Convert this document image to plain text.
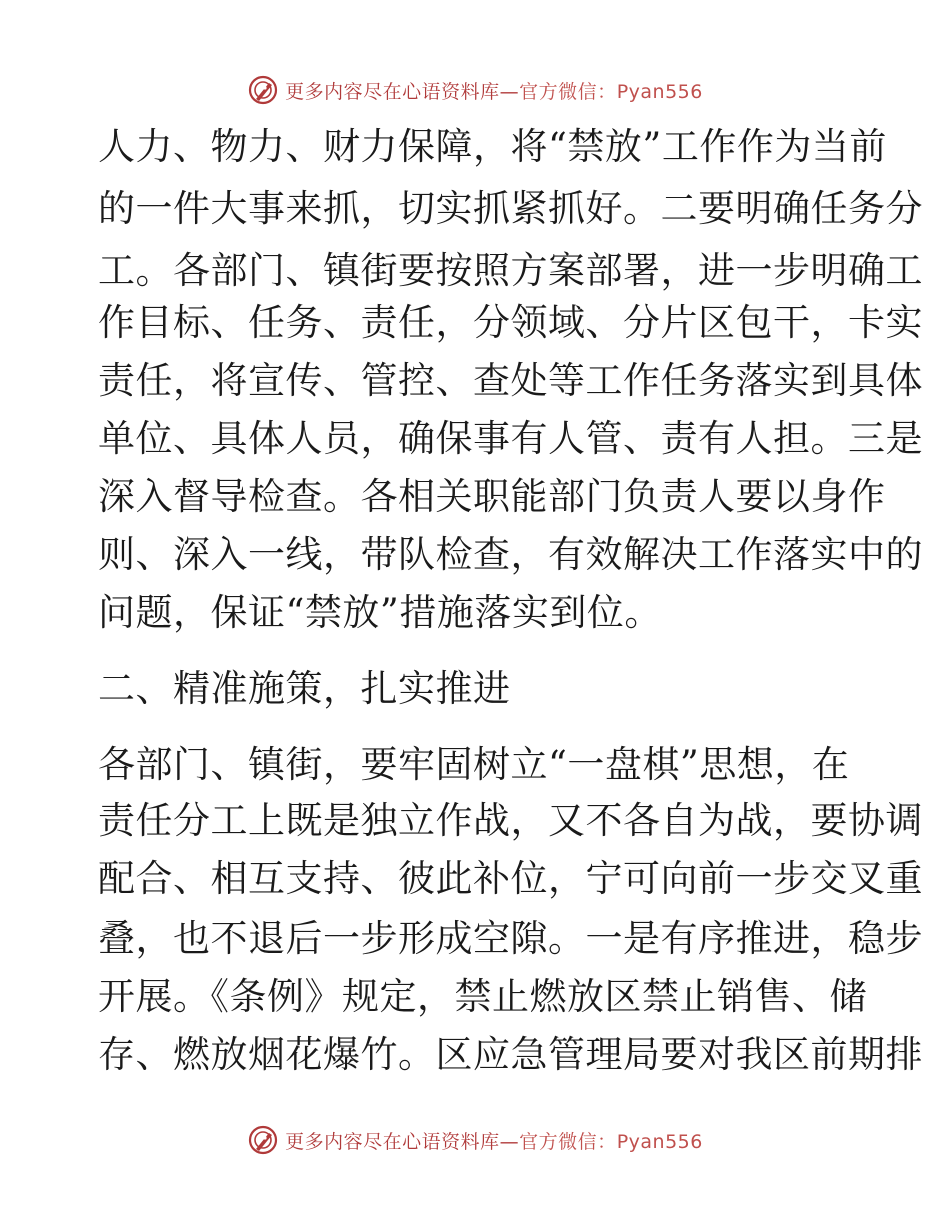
更多内容尽在心语资料库—官方微信：Pyan556
人力、物力、财力保障，将“禁放”工作作为当前
的一件大事来抓，切实抓紧抓好。二要明确任务分
工。各部门、镇街要按照方案部署，进一步明确工
作目标、任务、责任，分领域、分片区包干，卡实
责任，将宣传、管控、查处等工作任务落实到具体
单位、具体人员，确保事有人管、责有人担。三是
深入督导检查。各相关职能部门负责人要以身作
则、深入一线，带队检查，有效解决工作落实中的
问题，保证“禁放”措施落实到位。
二、精准施策，扎实推进
各部门、镇街，要牢固树立“一盘棋”思想，在
责任分工上既是独立作战，又不各自为战，要协调
配合、相互支持、彼此补位，宁可向前一步交叉重
叠，也不退后一步形成空隙。一是有序推进，稳步
开展。《条例》规定，禁止燃放区禁止销售、储
存、燃放烟花爆竹。区应急管理局要对我区前期排
更多内容尽在心语资料库—官方微信：Pyan556
